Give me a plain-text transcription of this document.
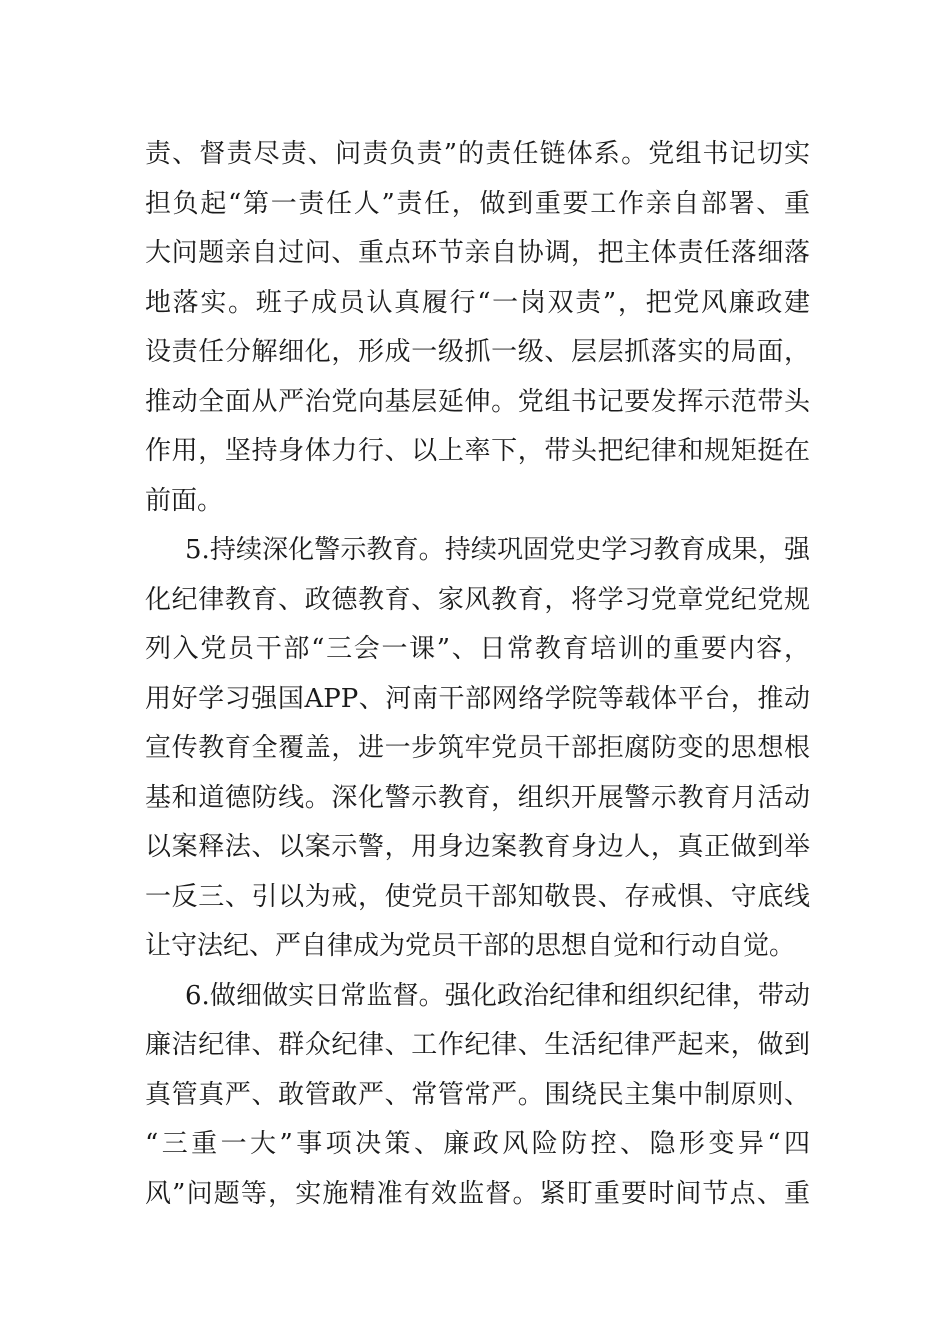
责、督责尽责、问责负责”的责任链体系。党组书记切实
担负起“第一责任人”责任，做到重要工作亲自部署、重
大问题亲自过问、重点环节亲自协调，把主体责任落细落
地落实。班子成员认真履行“一岗双责”，把党风廉政建
设责任分解细化，形成一级抓一级、层层抓落实的局面，
推动全面从严治党向基层延伸。党组书记要发挥示范带头
作用，坚持身体力行、以上率下，带头把纪律和规矩挺在
前面。
5.持续深化警示教育。持续巩固党史学习教育成果，强
化纪律教育、政德教育、家风教育，将学习党章党纪党规
列入党员干部“三会一课”、日常教育培训的重要内容，
用好学习强国APP、河南干部网络学院等载体平台，推动
宣传教育全覆盖，进一步筑牢党员干部拒腐防变的思想根
基和道德防线。深化警示教育，组织开展警示教育月活动
以案释法、以案示警，用身边案教育身边人，真正做到举
一反三、引以为戒，使党员干部知敬畏、存戒惧、守底线
让守法纪、严自律成为党员干部的思想自觉和行动自觉。
6.做细做实日常监督。强化政治纪律和组织纪律，带动
廉洁纪律、群众纪律、工作纪律、生活纪律严起来，做到
真管真严、敢管敢严、常管常严。围绕民主集中制原则、
“三重一大”事项决策、廉政风险防控、隐形变异“四
风”问题等，实施精准有效监督。紧盯重要时间节点、重
